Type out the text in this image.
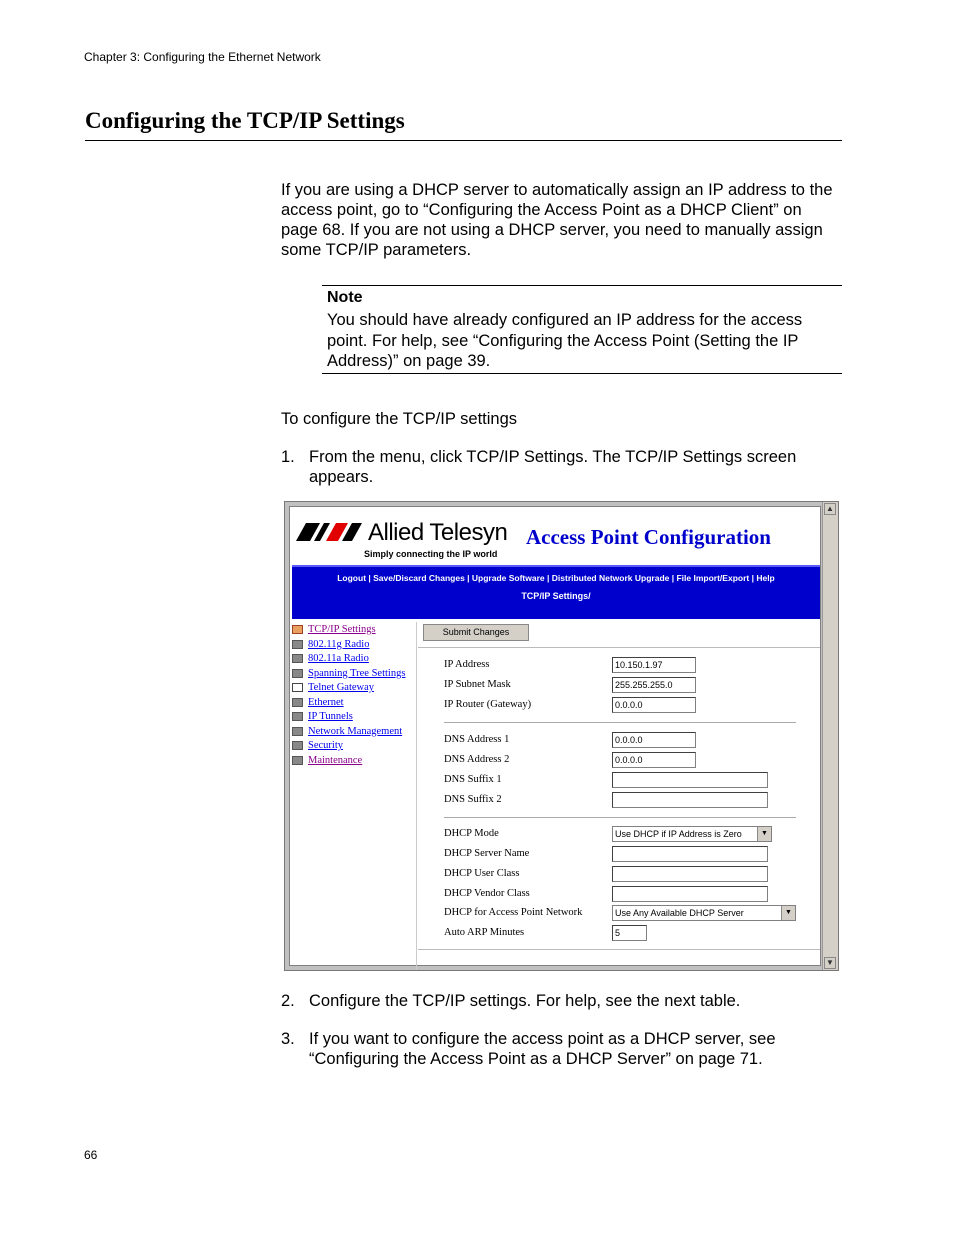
Chapter 3: Configuring the Ethernet Network
Configuring the TCP/IP Settings
If you are using a DHCP server to automatically assign an IP address to the access point, go to “Configuring the Access Point as a DHCP Client” on page 68. If you are not using a DHCP server, you need to manually assign some TCP/IP parameters.
Note
You should have already configured an IP address for the access point. For help, see “Configuring the Access Point (Setting the IP Address)” on page 39.
To configure the TCP/IP settings
1. From the menu, click TCP/IP Settings. The TCP/IP Settings screen appears.
Allied Telesyn
Simply connecting the IP world
Access Point Configuration
Logout | Save/Discard Changes | Upgrade Software | Distributed Network Upgrade | File Import/Export | Help
TCP/IP Settings/
TCP/IP Settings
802.11g Radio
802.11a Radio
Spanning Tree Settings
Telnet Gateway
Ethernet
IP Tunnels
Network Management
Security
Maintenance
Submit Changes
IP Address	10.150.1.97
IP Subnet Mask	255.255.255.0
IP Router (Gateway)	0.0.0.0
DNS Address 1	0.0.0.0
DNS Address 2	0.0.0.0
DNS Suffix 1
DNS Suffix 2
DHCP Mode	Use DHCP if IP Address is Zero	▼
DHCP Server Name
DHCP User Class
DHCP Vendor Class
DHCP for Access Point Network	Use Any Available DHCP Server	▼
Auto ARP Minutes	5
▲
▼
2. Configure the TCP/IP settings. For help, see the next table.
3. If you want to configure the access point as a DHCP server, see “Configuring the Access Point as a DHCP Server” on page 71.
66
